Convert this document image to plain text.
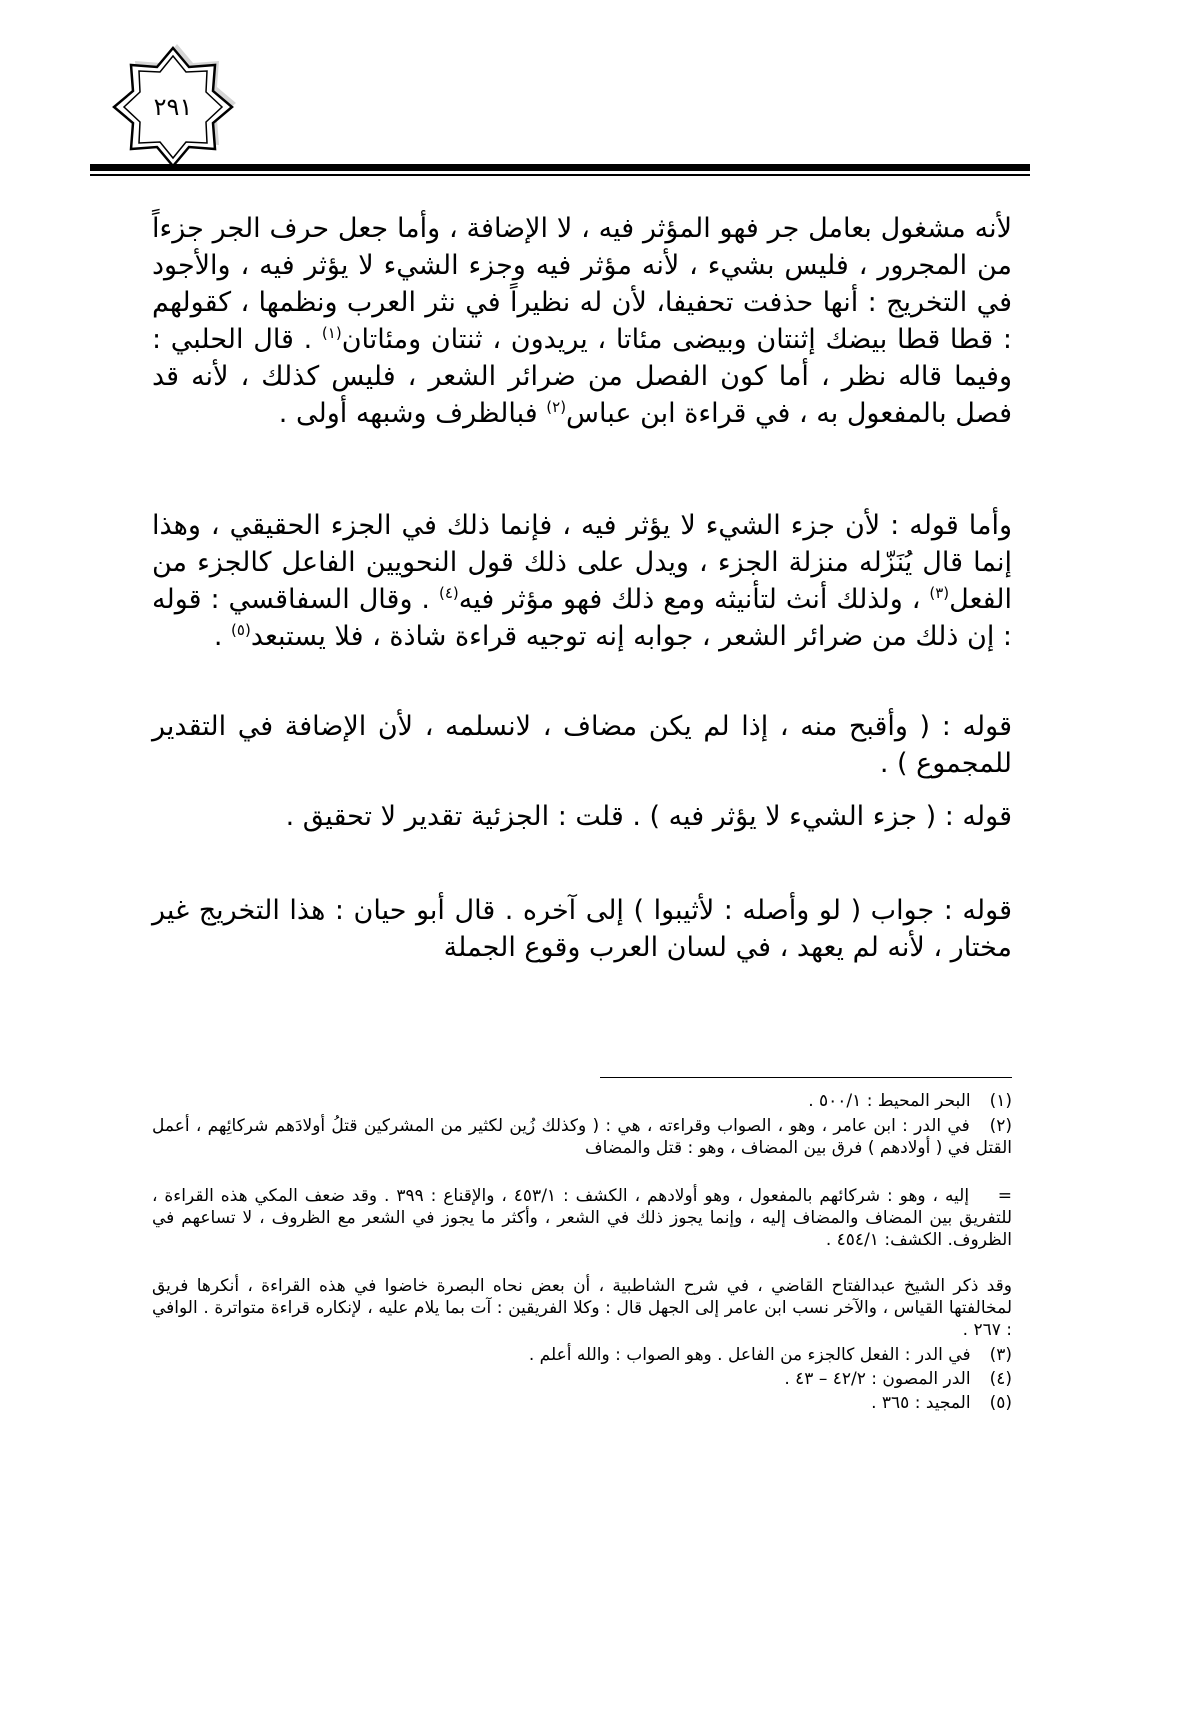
٢٩١

لأنه مشغول بعامل جر فهو المؤثر فيه ، لا الإضافة ، وأما جعل حرف الجر جزءاً من المجرور ، فليس بشيء ، لأنه مؤثر فيه وجزء الشيء لا يؤثر فيه ، والأجود في التخريج : أنها حذفت تحفيفا، لأن له نظيراً في نثر العرب ونظمها ، كقولهم : قطا قطا بيضك إثنتان وبيضى مئاتا ، يريدون ، ثنتان ومئاتان$^{(١)}$ . قال الحلبي : وفيما قاله نظر ، أما كون الفصل من ضرائر الشعر ، فليس كذلك ، لأنه قد فصل بالمفعول به ، في قراءة ابن عباس$^{(٢)}$ فبالظرف وشبهه أولى .

وأما قوله : لأن جزء الشيء لا يؤثر فيه ، فإنما ذلك في الجزء الحقيقي ، وهذا إنما قال يُنَزّله منزلة الجزء ، ويدل على ذلك قول النحويين الفاعل كالجزء من الفعل$^{(٣)}$ ، ولذلك أنث لتأنيثه ومع ذلك فهو مؤثر فيه$^{(٤)}$ . وقال السفاقسي : قوله : إن ذلك من ضرائر الشعر ، جوابه إنه توجيه قراءة شاذة ، فلا يستبعد$^{(٥)}$ .

قوله : ( وأقبح منه ، إذا لم يكن مضاف ، لانسلمه ، لأن الإضافة في التقدير للمجموع ) .

قوله : ( جزء الشيء لا يؤثر فيه ) . قلت : الجزئية تقدير لا تحقيق .

قوله : جواب ( لو وأصله : لأثيبوا ) إلى آخره . قال أبو حيان : هذا التخريج غير مختار ، لأنه لم يعهد ، في لسان العرب وقوع الجملة

(١) البحر المحيط : ٥٠٠/١ .

(٢) في الدر : ابن عامر ، وهو ، الصواب وقراءته ، هي : ( وكذلك زُين لكثير من المشركين قتلُ أولادَهم شركائِهم ، أعمل القتل في ( أولادهم ) فرق بين المضاف ، وهو : قتل والمضاف

= إليه ، وهو : شركائهم بالمفعول ، وهو أولادهم ، الكشف : ٤٥٣/١ ، والإقناع : ٣٩٩ . وقد ضعف المكي هذه القراءة ، للتفريق بين المضاف والمضاف إليه ، وإنما يجوز ذلك في الشعر ، وأكثر ما يجوز في الشعر مع الظروف ، لا تساعهم في الظروف. الكشف: ٤٥٤/١ .

وقد ذكر الشيخ عبدالفتاح القاضي ، في شرح الشاطبية ، أن بعض نحاه البصرة خاضوا في هذه القراءة ، أنكرها فريق لمخالفتها القياس ، والآخر نسب ابن عامر إلى الجهل قال : وكلا الفريقين : آت بما يلام عليه ، لإنكاره قراءة متواترة . الوافي : ٢٦٧ .

(٣) في الدر : الفعل كالجزء من الفاعل . وهو الصواب : والله أعلم .

(٤) الدر المصون : ٤٢/٢ – ٤٣ .

(٥) المجيد : ٣٦٥ .
